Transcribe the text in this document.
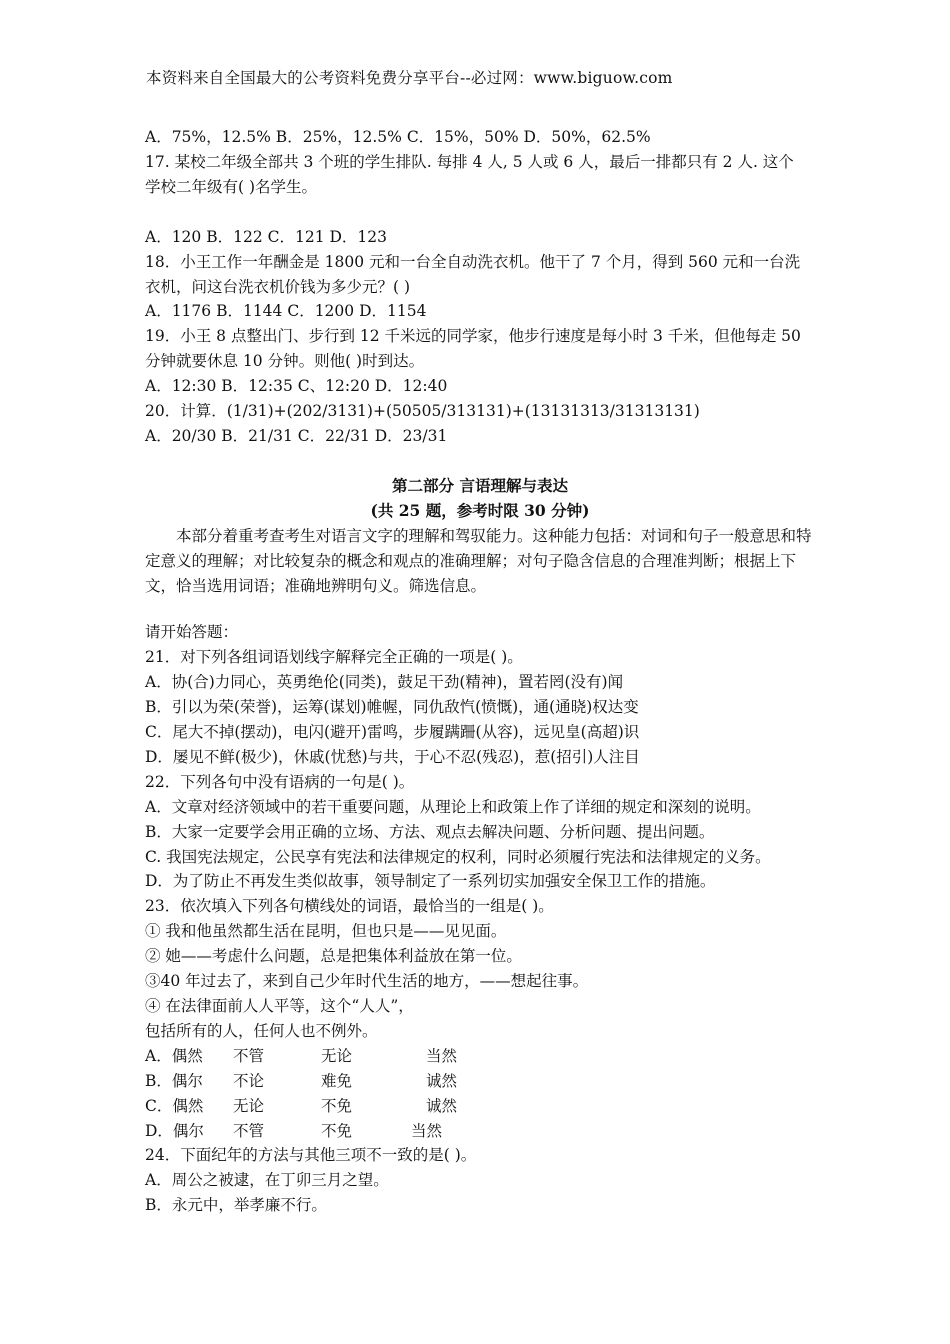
本资料来自全国最大的公考资料免费分享平台--必过网：www.biguow.com
A．75%，12.5% B．25%，12.5% C．15%，50% D．50%，62.5%
17. 某校二年级全部共 3 个班的学生排队. 每排 4 人, 5 人或 6 人，最后一排都只有 2 人. 这个
学校二年级有( )名学生。
A．120 B．122 C．121 D．123
18．小王工作一年酬金是 1800 元和一台全自动洗衣机。他干了 7 个月，得到 560 元和一台洗
衣机，问这台洗衣机价钱为多少元？( )
A．1176 B．1144 C．1200 D．1154
19．小王 8 点整出门、步行到 12 千米远的同学家，他步行速度是每小时 3 千米，但他每走 50
分钟就要休息 10 分钟。则他( )时到达。
A．12:30 B．12:35 C、12:20 D．12:40
20．计算．(1/31)+(202/3131)+(50505/313131)+(13131313/31313131)
A．20/30 B．21/31 C．22/31 D．23/31
第二部分 言语理解与表达
(共 25 题，参考时限 30 分钟)
本部分着重考查考生对语言文字的理解和驾驭能力。这种能力包括：对词和句子一般意思和特定意义的理解；对比较复杂的概念和观点的准确理解；对句子隐含信息的合理准判断；根据上下文，恰当选用词语；准确地辨明句义。筛选信息。
请开始答题：
21．对下列各组词语划线字解释完全正确的一项是( )。
A．协(合)力同心，英勇绝伦(同类)，鼓足干劲(精神)，置若罔(没有)闻
B．引以为荣(荣誉)，运筹(谋划)帷幄，同仇敌忾(愤慨)，通(通晓)权达变
C．尾大不掉(摆动)，电闪(避开)雷鸣，步履蹒跚(从容)，远见皇(高超)识
D．屡见不鲜(极少)，休戚(忧愁)与共，于心不忍(残忍)，惹(招引)人注目
22．下列各句中没有语病的一句是( )。
A．文章对经济领域中的若干重要问题，从理论上和政策上作了详细的规定和深刻的说明。
B．大家一定要学会用正确的立场、方法、观点去解决问题、分析问题、提出问题。
C. 我国宪法规定，公民享有宪法和法律规定的权利，同时必须履行宪法和法律规定的义务。
D．为了防止不再发生类似故事，领导制定了一系列切实加强安全保卫工作的措施。
23．依次填入下列各句横线处的词语，最恰当的一组是( )。
① 我和他虽然都生活在昆明，但也只是——见见面。
② 她——考虑什么问题，总是把集体利益放在第一位。
③40 年过去了，来到自己少年时代生活的地方，——想起往事。
④ 在法律面前人人平等，这个“人人”，
包括所有的人，任何人也不例外。
A．偶然	不管	无论	当然
B．偶尔	不论	难免	诚然
C．偶然	无论	不免	诚然
D．偶尔	不管	不免	当然
24．下面纪年的方法与其他三项不一致的是( )。
A．周公之被逮，在丁卯三月之望。
B．永元中，举孝廉不行。
